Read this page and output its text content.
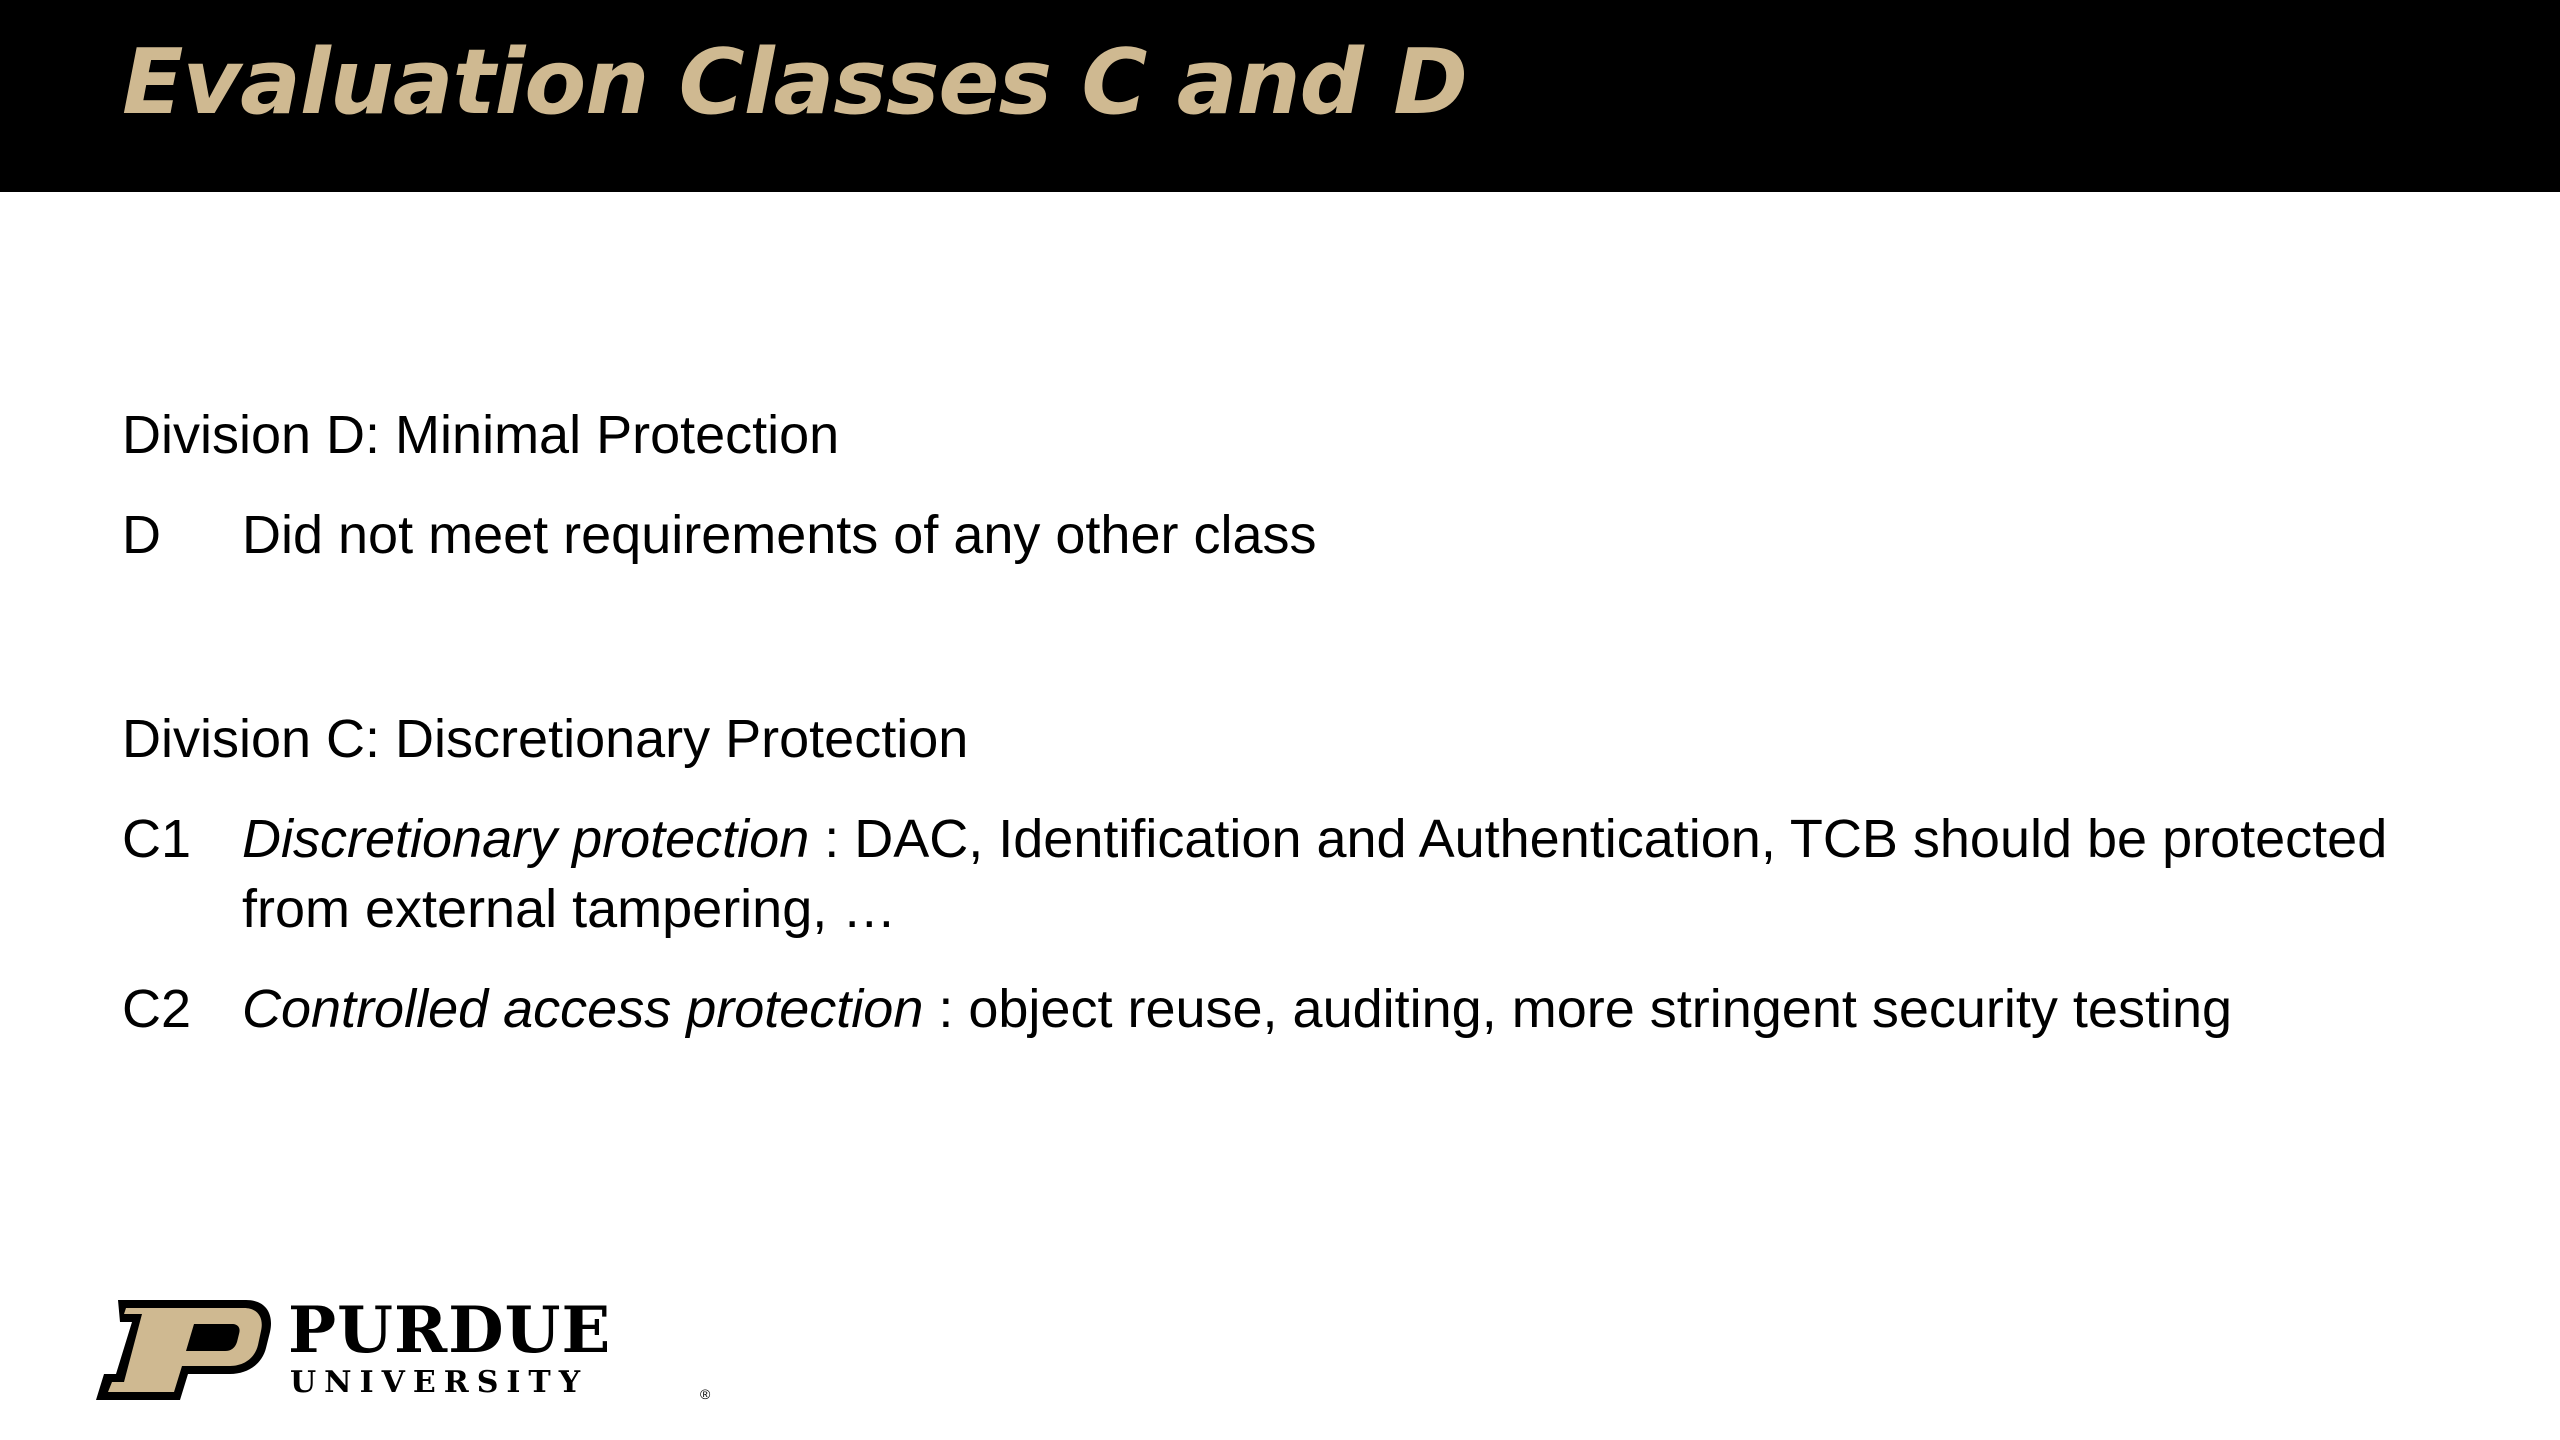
Evaluation Classes C and D
Division D: Minimal Protection
D	Did not meet requirements of any other class
Division C: Discretionary Protection
C1 Discretionary protection : DAC, Identification and Authentication, TCB should be protected from external tampering, …
C2 Controlled access protection : object reuse, auditing, more stringent security testing
PURDUE
UNIVERSITY	®
